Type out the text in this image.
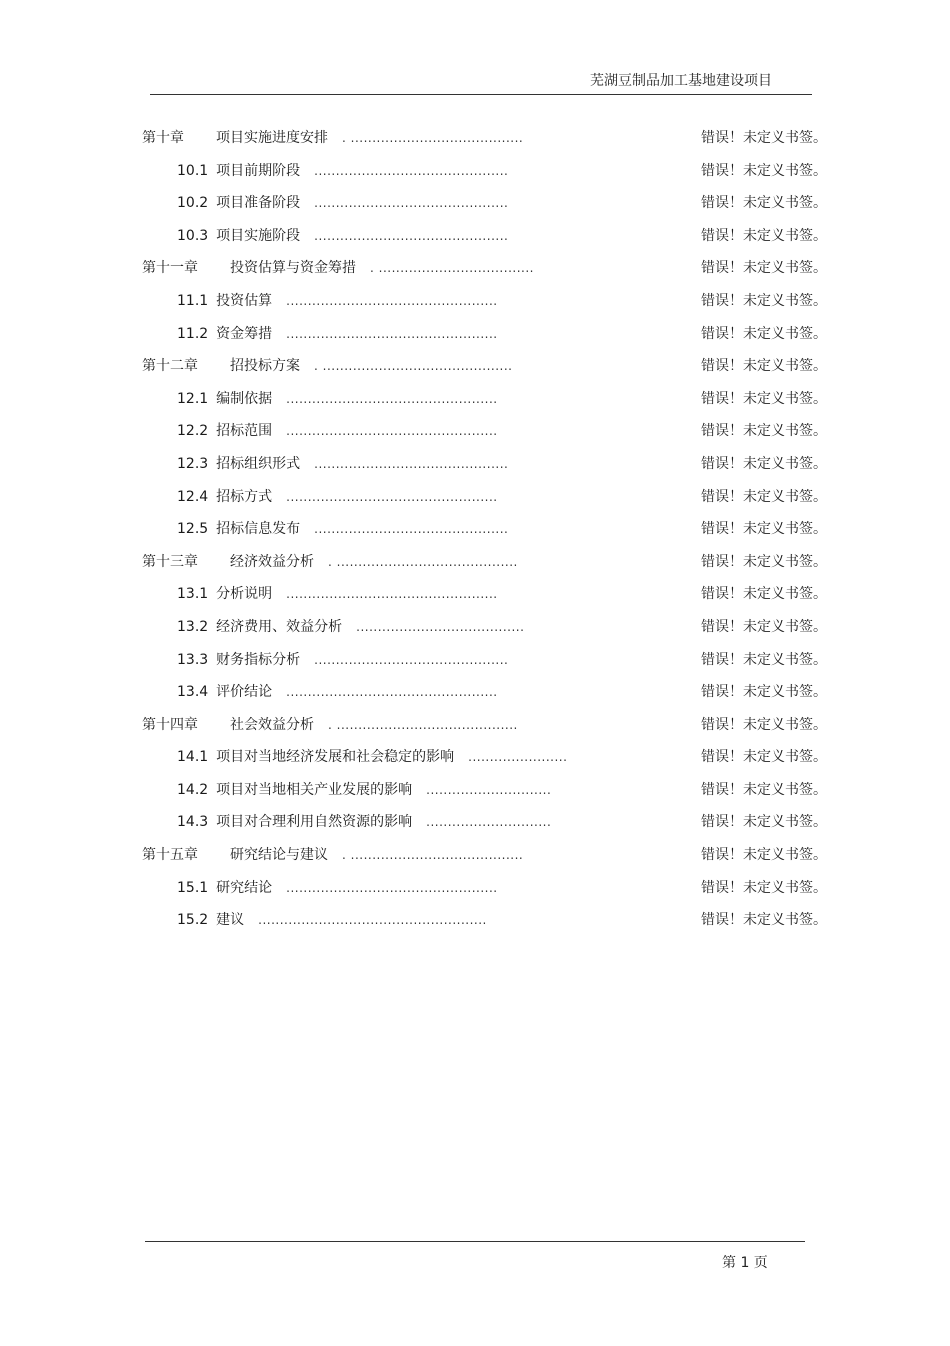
芜湖豆制品加工基地建设项目
第十章 项目实施进度安排 . ........................................	错误！未定义书签。
10.1 项目前期阶段 .............................................	错误！未定义书签。
10.2 项目准备阶段 .............................................	错误！未定义书签。
10.3 项目实施阶段 .............................................	错误！未定义书签。
第十一章 投资估算与资金筹措 . ....................................	错误！未定义书签。
11.1 投资估算 .................................................	错误！未定义书签。
11.2 资金筹措 .................................................	错误！未定义书签。
第十二章 招投标方案 . ............................................	错误！未定义书签。
12.1 编制依据 .................................................	错误！未定义书签。
12.2 招标范围 .................................................	错误！未定义书签。
12.3 招标组织形式 .............................................	错误！未定义书签。
12.4 招标方式 .................................................	错误！未定义书签。
12.5 招标信息发布 .............................................	错误！未定义书签。
第十三章 经济效益分析 . ..........................................	错误！未定义书签。
13.1 分析说明 .................................................	错误！未定义书签。
13.2 经济费用、效益分析 .......................................	错误！未定义书签。
13.3 财务指标分析 .............................................	错误！未定义书签。
13.4 评价结论 .................................................	错误！未定义书签。
第十四章 社会效益分析 . ..........................................	错误！未定义书签。
14.1 项目对当地经济发展和社会稳定的影响 .......................	错误！未定义书签。
14.2 项目对当地相关产业发展的影响 .............................	错误！未定义书签。
14.3 项目对合理利用自然资源的影响 .............................	错误！未定义书签。
第十五章 研究结论与建议 . ........................................	错误！未定义书签。
15.1 研究结论 .................................................	错误！未定义书签。
15.2 建议 .....................................................	错误！未定义书签。
第 1 页
